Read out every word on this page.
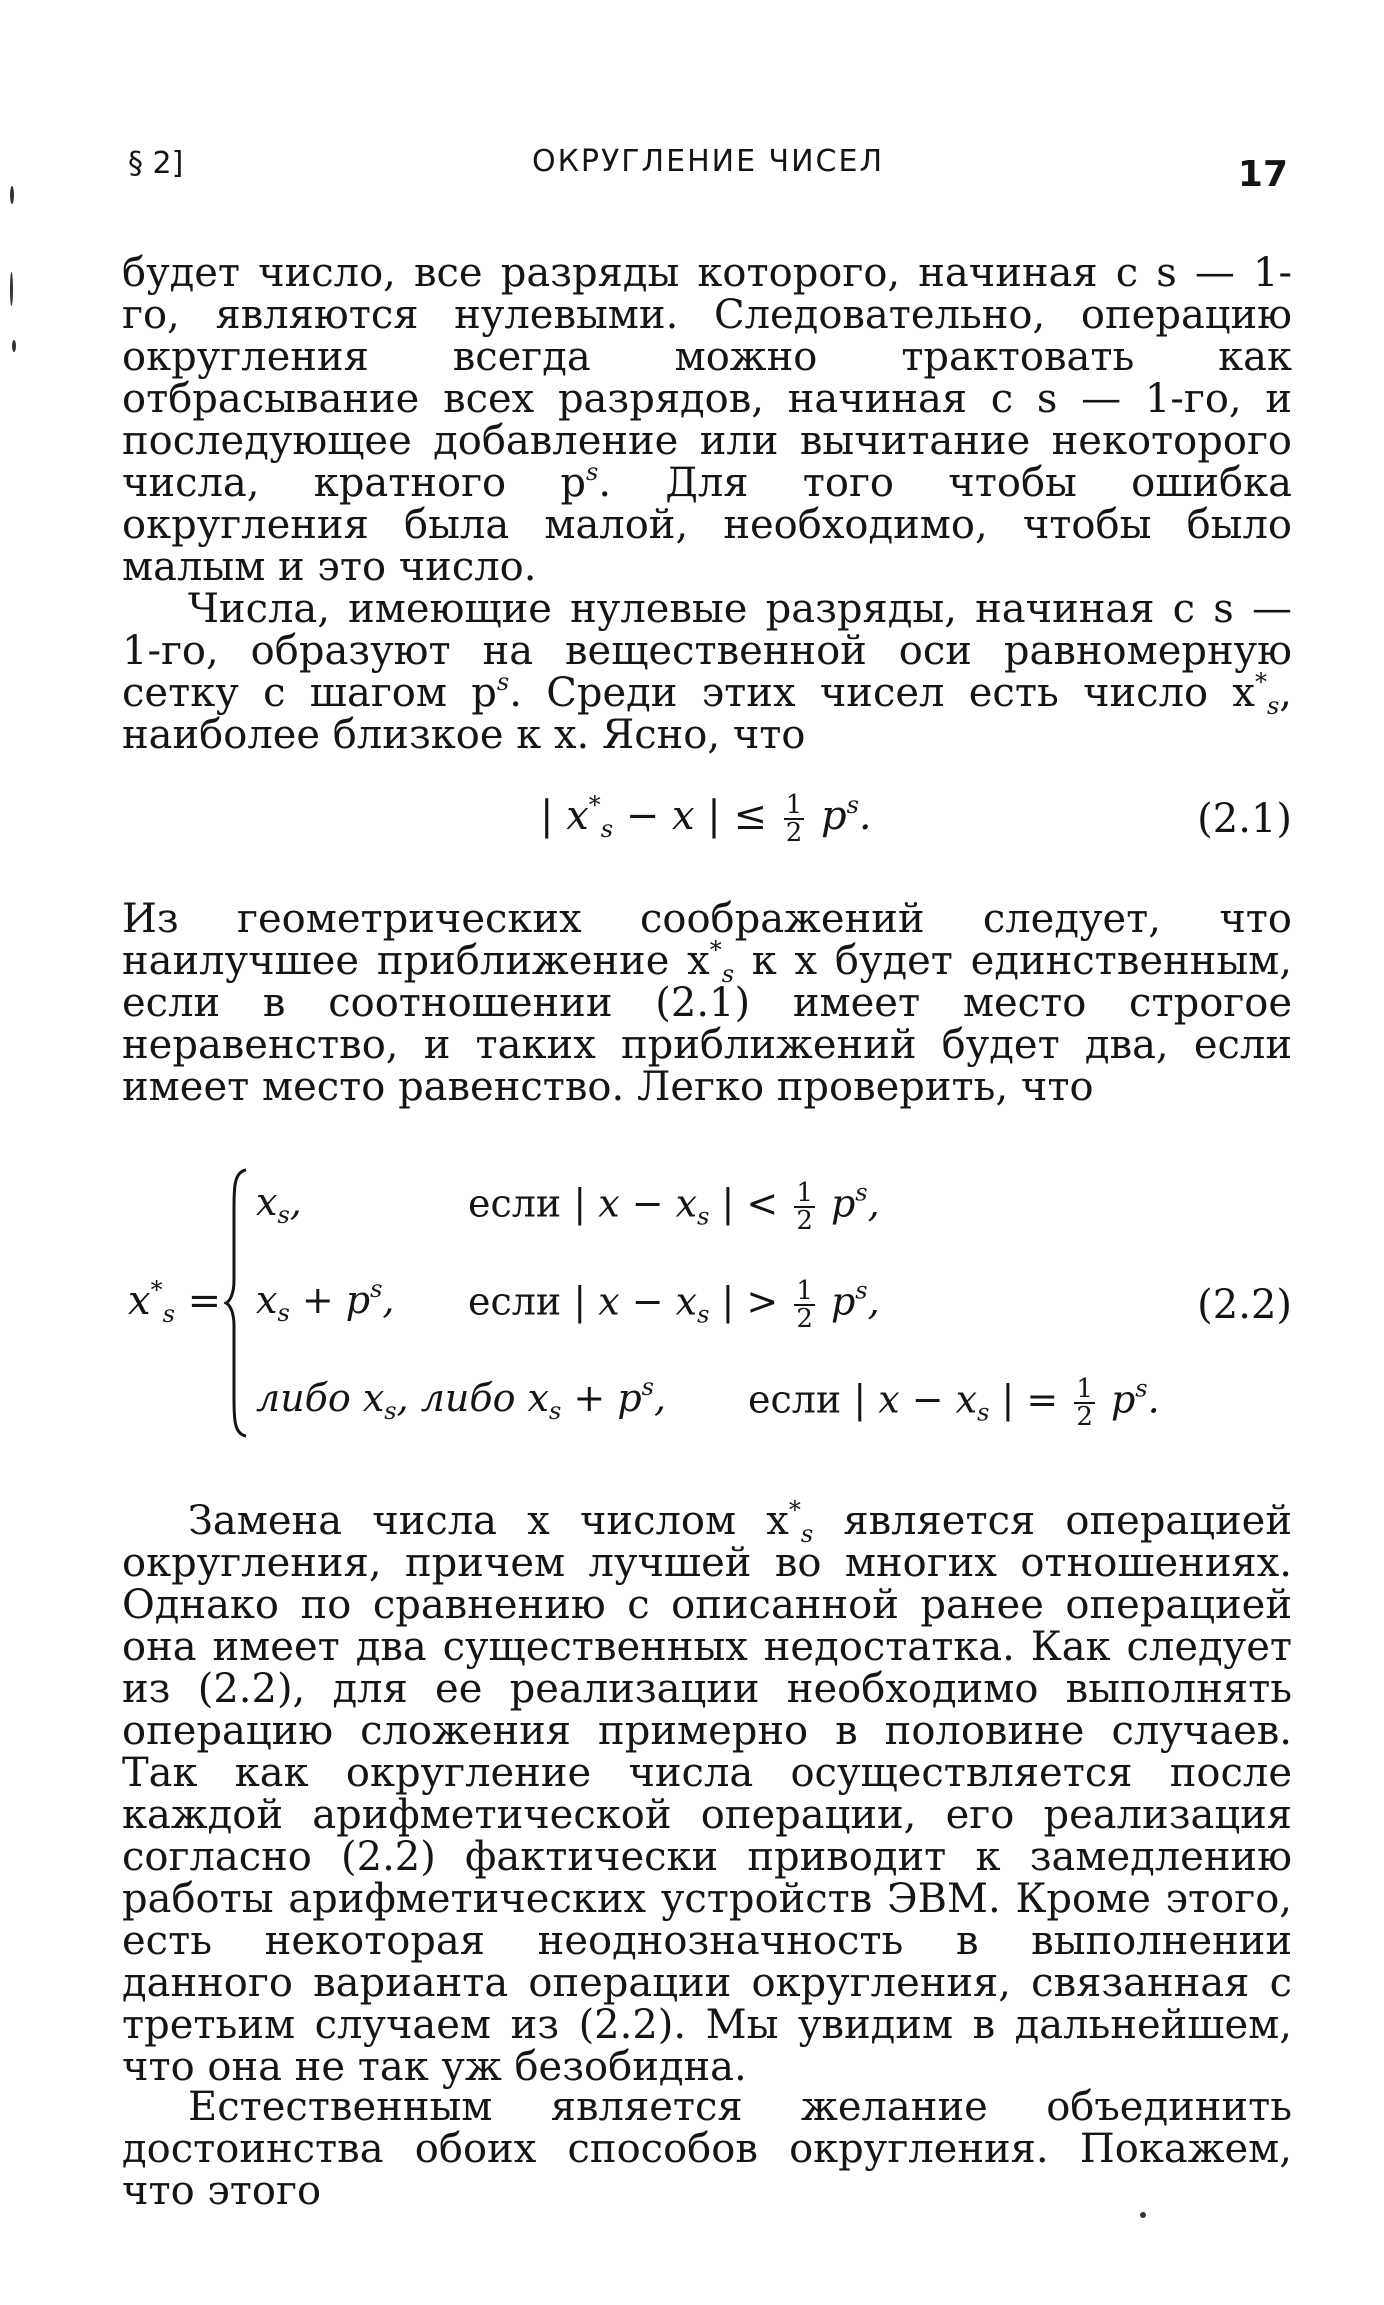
§ 2]	ОКРУГЛЕНИЕ ЧИСЕЛ	17

будет число, все разряды которого, начиная с s — 1-го, являются нулевыми. Следовательно, операцию округления всегда можно трактовать как отбрасывание всех разрядов, начиная с s — 1-го, и последующее добавление или вычитание некоторого числа, кратного $p^s$. Для того чтобы ошибка округления была малой, необходимо, чтобы было малым и это число.

Числа, имеющие нулевые разряды, начиная с s — 1-го, образуют на вещественной оси равномерную сетку с шагом $p^s$. Среди этих чисел есть число $x^*_s$, наиболее близкое к x. Ясно, что

| $x^*_s - x$ | ≤ $\frac{1}{2} p^s$.	(2.1)

Из геометрических соображений следует, что наилучшее приближение $x^*_s$ к x будет единственным, если в соотношении (2.1) имеет место строгое неравенство, и таких приближений будет два, если имеет место равенство. Легко проверить, что

$x^*_s$ =
$x_s$,	если | $x - x_s$ | < $\frac{1}{2} p^s$,
$x_s + p^s$, если | $x - x_s$ | > $\frac{1}{2} p^s$,	(2.2)
либо $x_s$, либо $x_s + p^s$, если | $x - x_s$ | = $\frac{1}{2} p^s$.

Замена числа x числом $x^*_s$ является операцией округления, причем лучшей во многих отношениях. Однако по сравнению с описанной ранее операцией она имеет два существенных недостатка. Как следует из (2.2), для ее реализации необходимо выполнять операцию сложения примерно в половине случаев. Так как округление числа осуществляется после каждой арифметической операции, его реализация согласно (2.2) фактически приводит к замедлению работы арифметических устройств ЭВМ. Кроме этого, есть некоторая неоднозначность в выполнении данного варианта операции округления, связанная с третьим случаем из (2.2). Мы увидим в дальнейшем, что она не так уж безобидна.

Естественным является желание объединить достоинства обоих способов округления. Покажем, что этого
